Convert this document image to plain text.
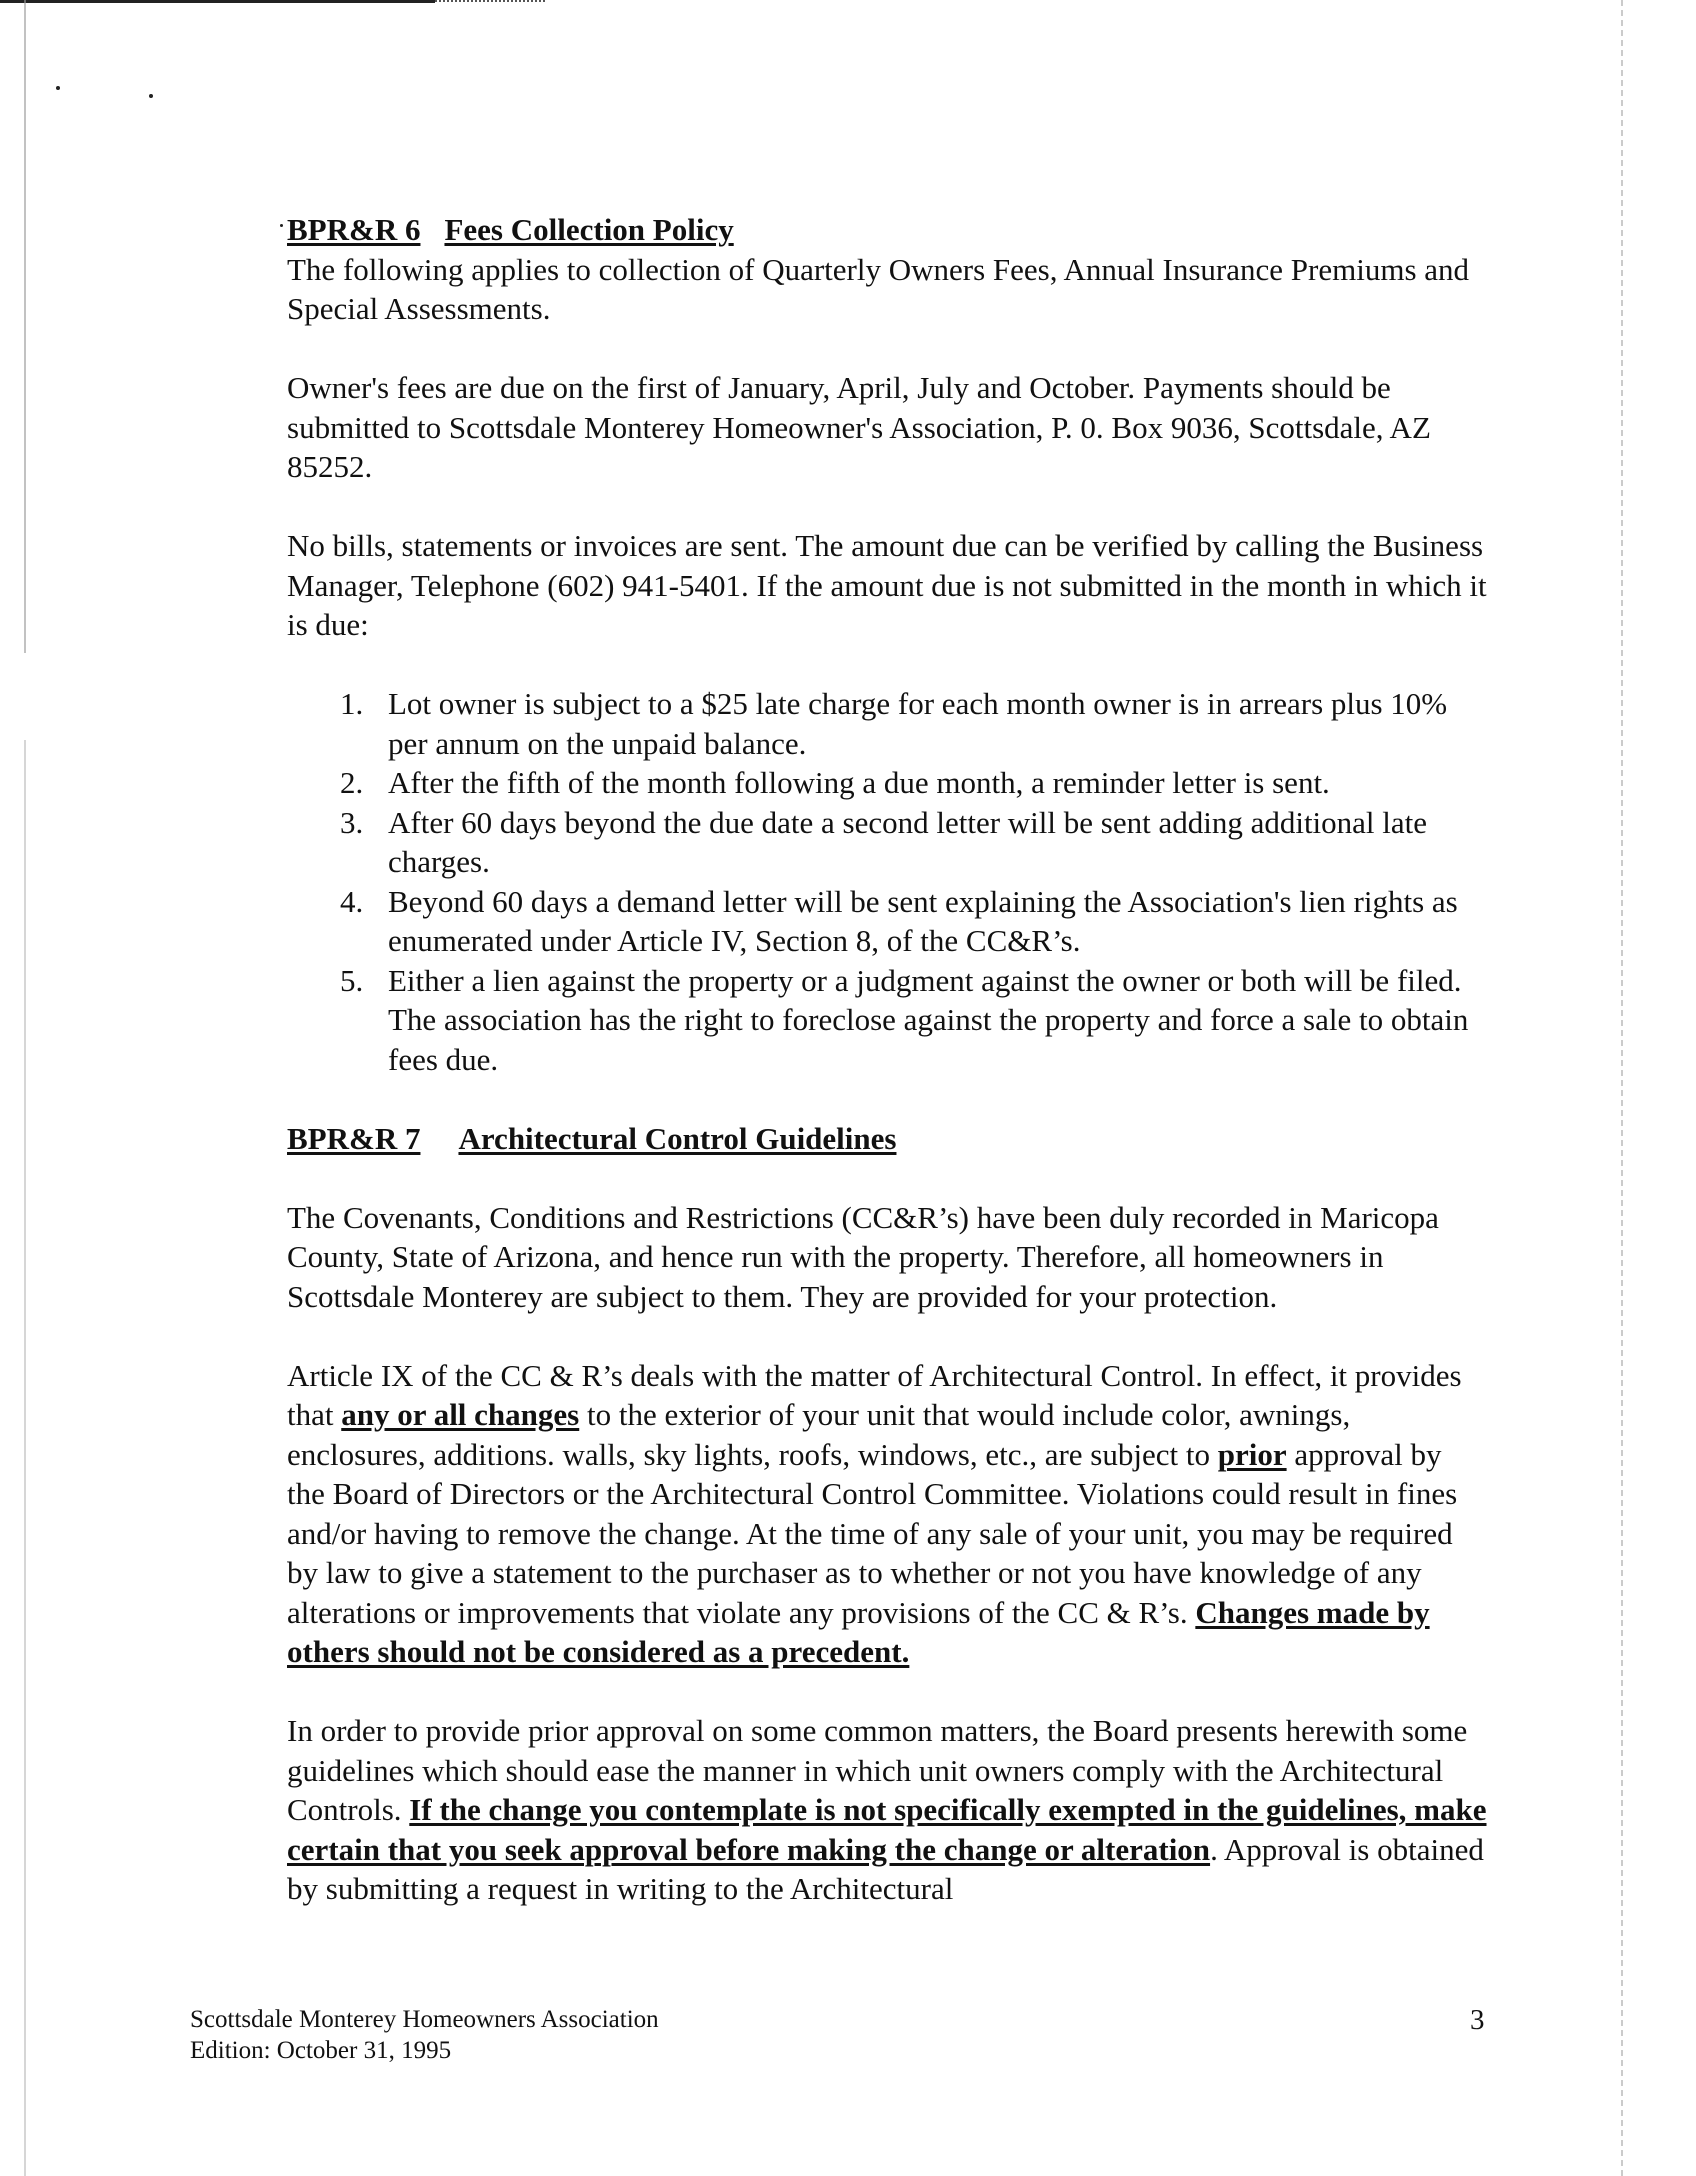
BPR&R 6 Fees Collection Policy

The following applies to collection of Quarterly Owners Fees, Annual Insurance Premiums and Special Assessments.

Owner's fees are due on the first of January, April, July and October. Payments should be submitted to Scottsdale Monterey Homeowner's Association, P. 0. Box 9036, Scottsdale, AZ 85252.

No bills, statements or invoices are sent. The amount due can be verified by calling the Business Manager, Telephone (602) 941-5401. If the amount due is not submitted in the month in which it is due:

1. Lot owner is subject to a $25 late charge for each month owner is in arrears plus 10% per annum on the unpaid balance.
2. After the fifth of the month following a due month, a reminder letter is sent.
3. After 60 days beyond the due date a second letter will be sent adding additional late charges.
4. Beyond 60 days a demand letter will be sent explaining the Association's lien rights as enumerated under Article IV, Section 8, of the CC&R’s.
5. Either a lien against the property or a judgment against the owner or both will be filed. The association has the right to foreclose against the property and force a sale to obtain fees due.
BPR&R 7 Architectural Control Guidelines

The Covenants, Conditions and Restrictions (CC&R’s) have been duly recorded in Maricopa County, State of Arizona, and hence run with the property. Therefore, all homeowners in Scottsdale Monterey are subject to them. They are provided for your protection.

Article IX of the CC & R’s deals with the matter of Architectural Control. In effect, it provides that any or all changes to the exterior of your unit that would include color, awnings, enclosures, additions. walls, sky lights, roofs, windows, etc., are subject to prior approval by the Board of Directors or the Architectural Control Committee. Violations could result in fines and/or having to remove the change. At the time of any sale of your unit, you may be required by law to give a statement to the purchaser as to whether or not you have knowledge of any alterations or improvements that violate any provisions of the CC & R’s. Changes made by others should not be considered as a precedent.

In order to provide prior approval on some common matters, the Board presents herewith some guidelines which should ease the manner in which unit owners comply with the Architectural Controls. If the change you contemplate is not specifically exempted in the guidelines, make certain that you seek approval before making the change or alteration. Approval is obtained by submitting a request in writing to the Architectural

Scottsdale Monterey Homeowners Association
Edition: October 31, 1995
3
